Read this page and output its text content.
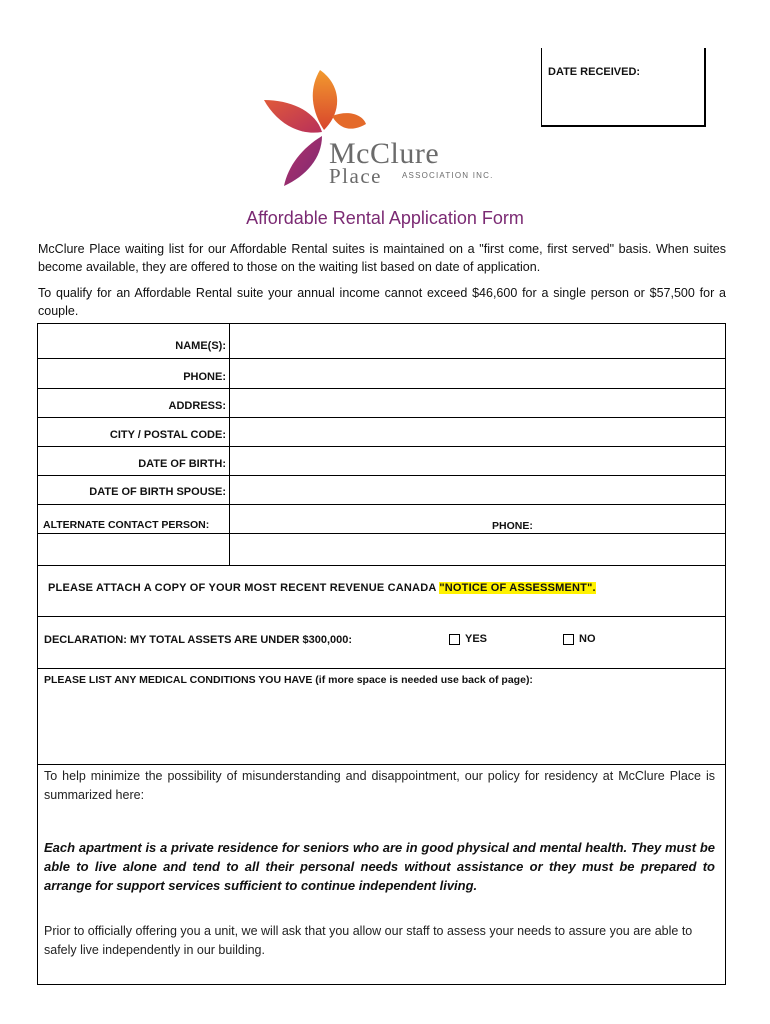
DATE RECEIVED:
McClure
Place	ASSOCIATION INC.
Affordable Rental Application Form
McClure Place waiting list for our Affordable Rental suites is maintained on a "first come, first served" basis. When suites become available, they are offered to those on the waiting list based on date of application.
To qualify for an Affordable Rental suite your annual income cannot exceed $46,600 for a single person or $57,500 for a couple.
NAME(S):
PHONE:
ADDRESS:
CITY / POSTAL CODE:
DATE OF BIRTH:
DATE OF BIRTH SPOUSE:
ALTERNATE CONTACT PERSON:	PHONE:
PLEASE ATTACH A COPY OF YOUR MOST RECENT REVENUE CANADA "NOTICE OF ASSESSMENT".
DECLARATION: MY TOTAL ASSETS ARE UNDER $300,000:	YES	NO
PLEASE LIST ANY MEDICAL CONDITIONS YOU HAVE (if more space is needed use back of page):
To help minimize the possibility of misunderstanding and disappointment, our policy for residency at McClure Place is summarized here:
Each apartment is a private residence for seniors who are in good physical and mental health. They must be able to live alone and tend to all their personal needs without assistance or they must be prepared to arrange for support services sufficient to continue independent living.
Prior to officially offering you a unit, we will ask that you allow our staff to assess your needs to assure you are able to safely live independently in our building.
